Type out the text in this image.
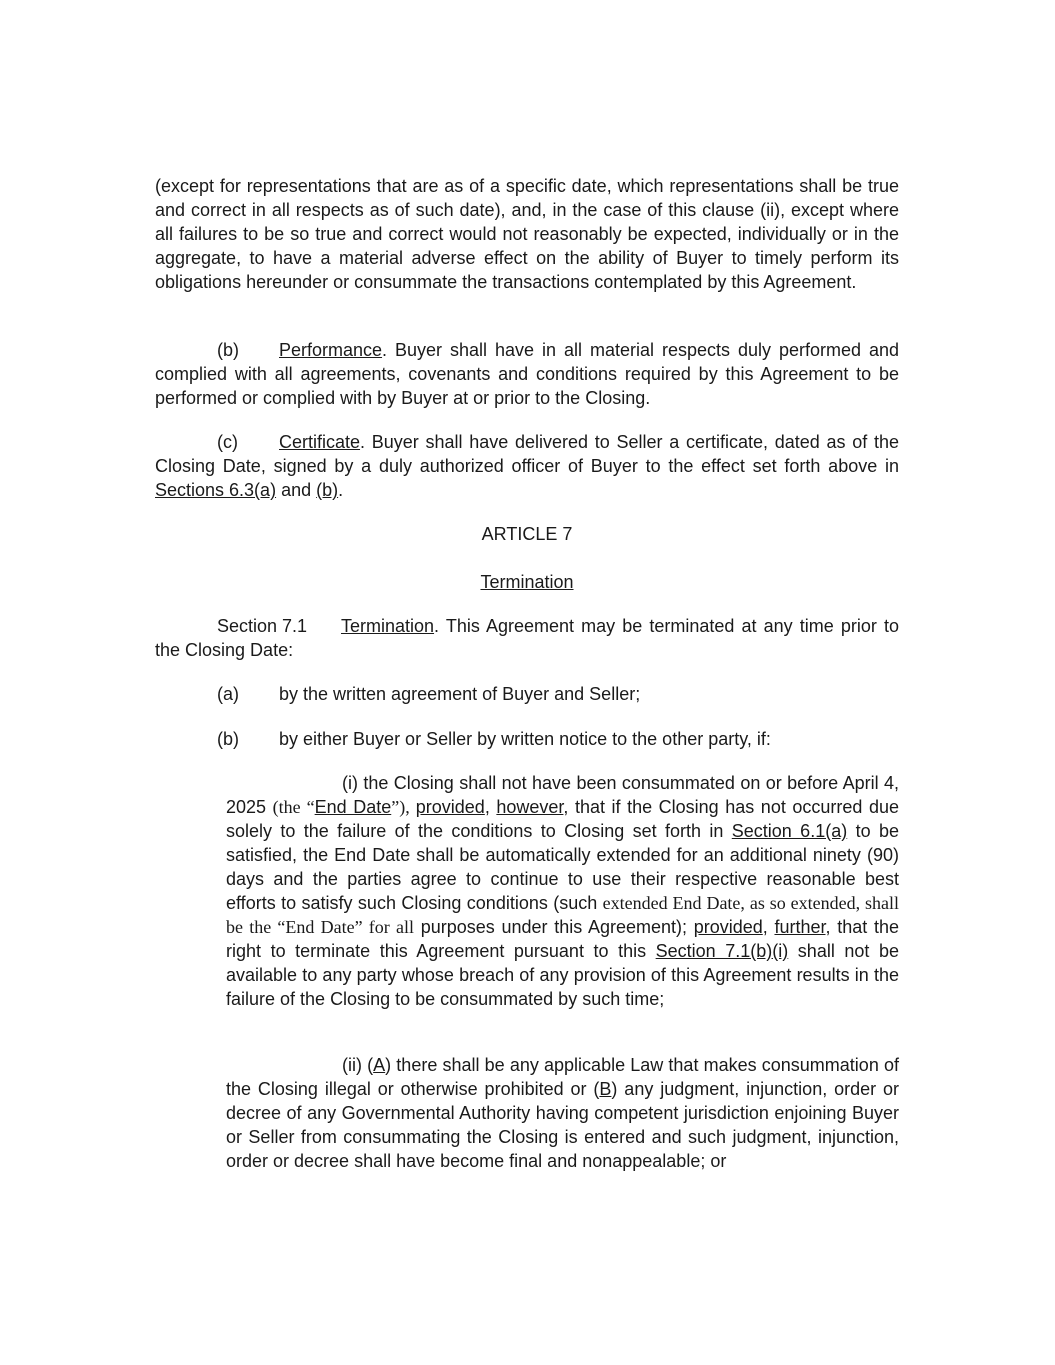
(except for representations that are as of a specific date, which representations shall be true and correct in all respects as of such date), and, in the case of this clause (ii), except where all failures to be so true and correct would not reasonably be expected, individually or in the aggregate, to have a material adverse effect on the ability of Buyer to timely perform its obligations hereunder or consummate the transactions contemplated by this Agreement.

(b) Performance. Buyer shall have in all material respects duly performed and complied with all agreements, covenants and conditions required by this Agreement to be performed or complied with by Buyer at or prior to the Closing.

(c) Certificate. Buyer shall have delivered to Seller a certificate, dated as of the Closing Date, signed by a duly authorized officer of Buyer to the effect set forth above in Sections 6.3(a) and (b).

ARTICLE 7

Termination

Section 7.1 Termination. This Agreement may be terminated at any time prior to the Closing Date:

(a) by the written agreement of Buyer and Seller;

(b) by either Buyer or Seller by written notice to the other party, if:

(i) the Closing shall not have been consummated on or before April 4, 2025 (the “End Date”), provided, however, that if the Closing has not occurred due solely to the failure of the conditions to Closing set forth in Section 6.1(a) to be satisfied, the End Date shall be automatically extended for an additional ninety (90) days and the parties agree to continue to use their respective reasonable best efforts to satisfy such Closing conditions (such extended End Date, as so extended, shall be the “End Date” for all purposes under this Agreement); provided, further, that the right to terminate this Agreement pursuant to this Section 7.1(b)(i) shall not be available to any party whose breach of any provision of this Agreement results in the failure of the Closing to be consummated by such time;

(ii) (A) there shall be any applicable Law that makes consummation of the Closing illegal or otherwise prohibited or (B) any judgment, injunction, order or decree of any Governmental Authority having competent jurisdiction enjoining Buyer or Seller from consummating the Closing is entered and such judgment, injunction, order or decree shall have become final and nonappealable; or
